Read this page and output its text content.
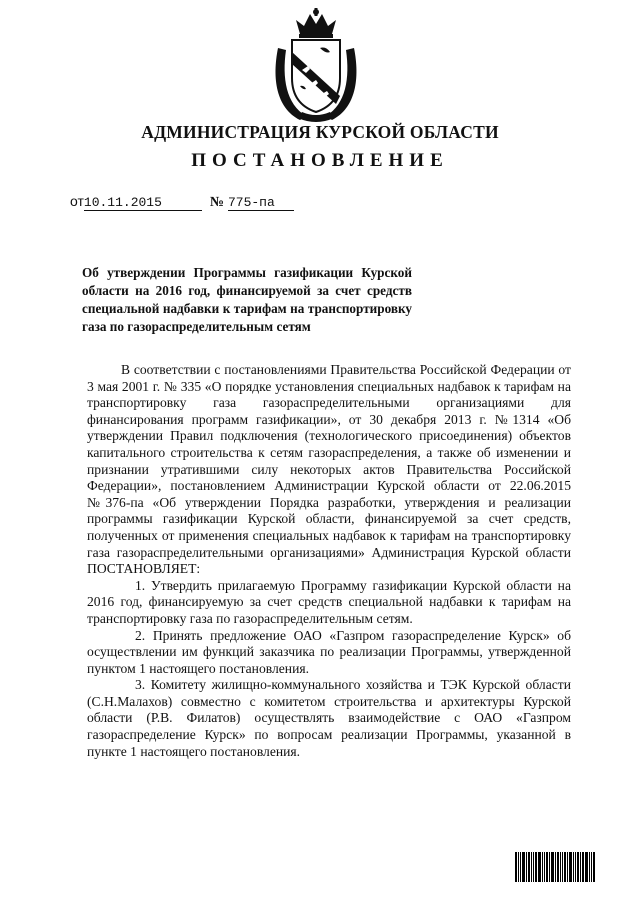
АДМИНИСТРАЦИЯ КУРСКОЙ ОБЛАСТИ
ПОСТАНОВЛЕНИЕ
от10.11.2015	№ 775-па
Об утверждении Программы газификации Курской области на 2016 год, финансируемой за счет средств специальной надбавки к тарифам на транспортировку газа по газораспределительным сетям

В соответствии с постановлениями Правительства Российской Федерации от 3 мая 2001 г. № 335 «О порядке установления специальных надбавок к тарифам на транспортировку газа газораспределительными организациями для финансирования программ газификации», от 30 декабря 2013 г. №1314 «Об утверждении Правил подключения (технологического присоединения) объектов капитального строительства к сетям газораспределения, а также об изменении и признании утратившими силу некоторых актов Правительства Российской Федерации», постановлением Администрации Курской области от 22.06.2015 №376-па «Об утверждении Порядка разработки, утверждения и реализации программы газификации Курской области, финансируемой за счет средств, полученных от применения специальных надбавок к тарифам на транспортировку газа газораспределительными организациями» Администрация Курской области ПОСТАНОВЛЯЕТ:

1. Утвердить прилагаемую Программу газификации Курской области на 2016 год, финансируемую за счет средств специальной надбавки к тарифам на транспортировку газа по газораспределительным сетям.

2. Принять предложение ОАО «Газпром газораспределение Курск» об осуществлении им функций заказчика по реализации Программы, утвержденной пунктом 1 настоящего постановления.

3. Комитету жилищно-коммунального хозяйства и ТЭК Курской области (С.Н.Малахов) совместно с комитетом строительства и архитектуры Курской области (Р.В. Филатов) осуществлять взаимодействие с ОАО «Газпром газораспределение Курск» по вопросам реализации Программы, указанной в пункте 1 настоящего постановления.
